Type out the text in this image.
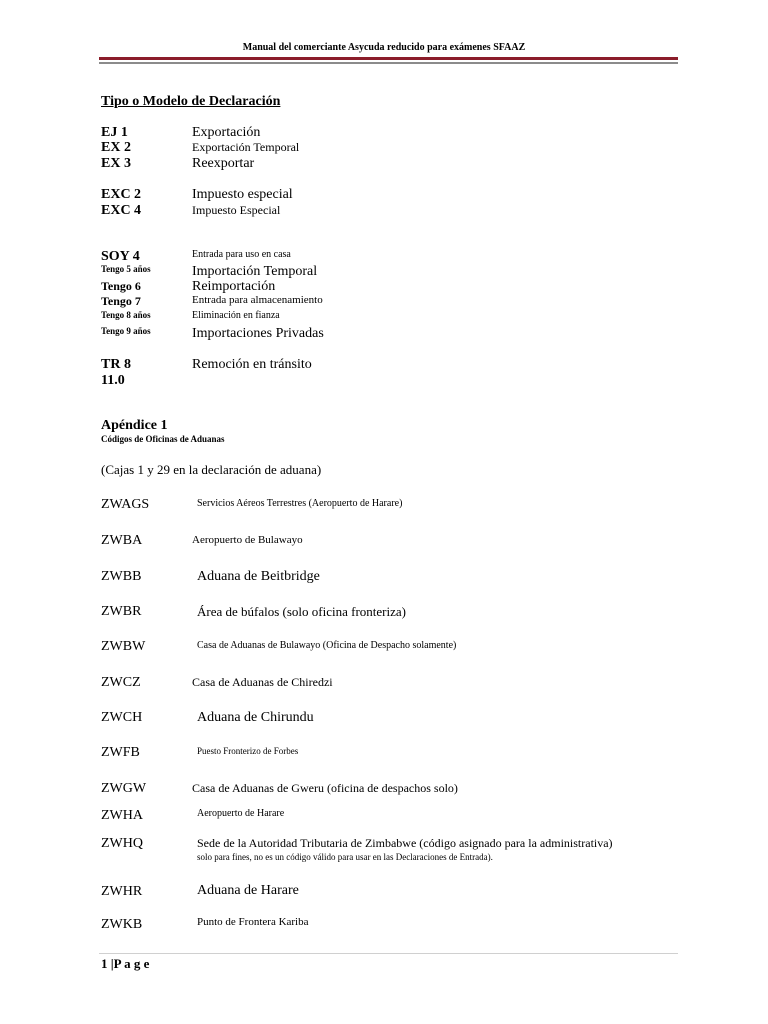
Manual del comerciante Asycuda reducido para exámenes SFAAZ
Tipo o Modelo de Declaración
EJ 1	Exportación
EX 2	Exportación Temporal
EX 3	Reexportar
EXC 2	Impuesto especial
EXC 4	Impuesto Especial
SOY 4	Entrada para uso en casa
Tengo 5 años	Importación Temporal
Tengo 6	Reimportación
Tengo 7	Entrada para almacenamiento
Tengo 8 años	Eliminación en fianza
Tengo 9 años	Importaciones Privadas
TR 8	Remoción en tránsito
11.0
Apéndice 1
Códigos de Oficinas de Aduanas
(Cajas 1 y 29 en la declaración de aduana)
ZWAGS	Servicios Aéreos Terrestres (Aeropuerto de Harare)
ZWBA	Aeropuerto de Bulawayo
ZWBB	Aduana de Beitbridge
ZWBR	Área de búfalos (solo oficina fronteriza)
ZWBW	Casa de Aduanas de Bulawayo (Oficina de Despacho solamente)
ZWCZ	Casa de Aduanas de Chiredzi
ZWCH	Aduana de Chirundu
ZWFB	Puesto Fronterizo de Forbes
ZWGW	Casa de Aduanas de Gweru (oficina de despachos solo)
ZWHA	Aeropuerto de Harare
ZWHQ	Sede de la Autoridad Tributaria de Zimbabwe (código asignado para la administrativa)
solo para fines, no es un código válido para usar en las Declaraciones de Entrada).
ZWHR	Aduana de Harare
ZWKB	Punto de Frontera Kariba
1 |P a g e
